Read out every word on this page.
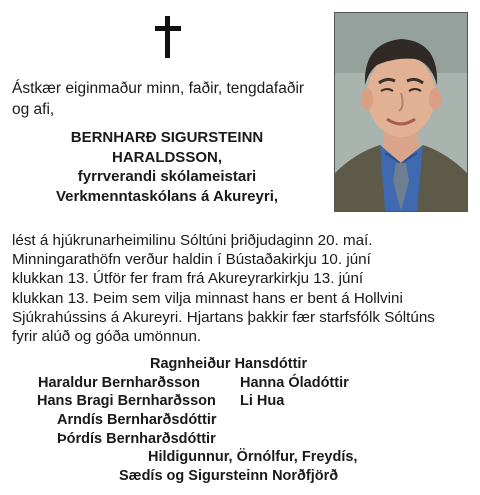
Ástkær eiginmaður minn, faðir, tengdafaðir og afi,
BERNHARÐ SIGURSTEINN
HARALDSSON,
fyrrverandi skólameistari
Verkmenntaskólans á Akureyri,
lést á hjúkrunarheimilinu Sóltúni þriðjudaginn 20. maí.
Minningarathöfn verður haldin í Bústaðakirkju 10. júní
klukkan 13. Útför fer fram frá Akureyrarkirkju 13. júní
klukkan 13. Þeim sem vilja minnast hans er bent á Hollvini
Sjúkrahússins á Akureyri. Hjartans þakkir fær starfsfólk Sóltúns
fyrir alúð og góða umönnun.
Ragnheiður Hansdóttir
Haraldur Bernharðsson	Hanna Óladóttir
Hans Bragi Bernharðsson Li Hua
Arndís Bernharðsdóttir
Þórdís Bernharðsdóttir
Hildigunnur, Örnólfur, Freydís,
Sædís og Sigursteinn Norðfjörð
